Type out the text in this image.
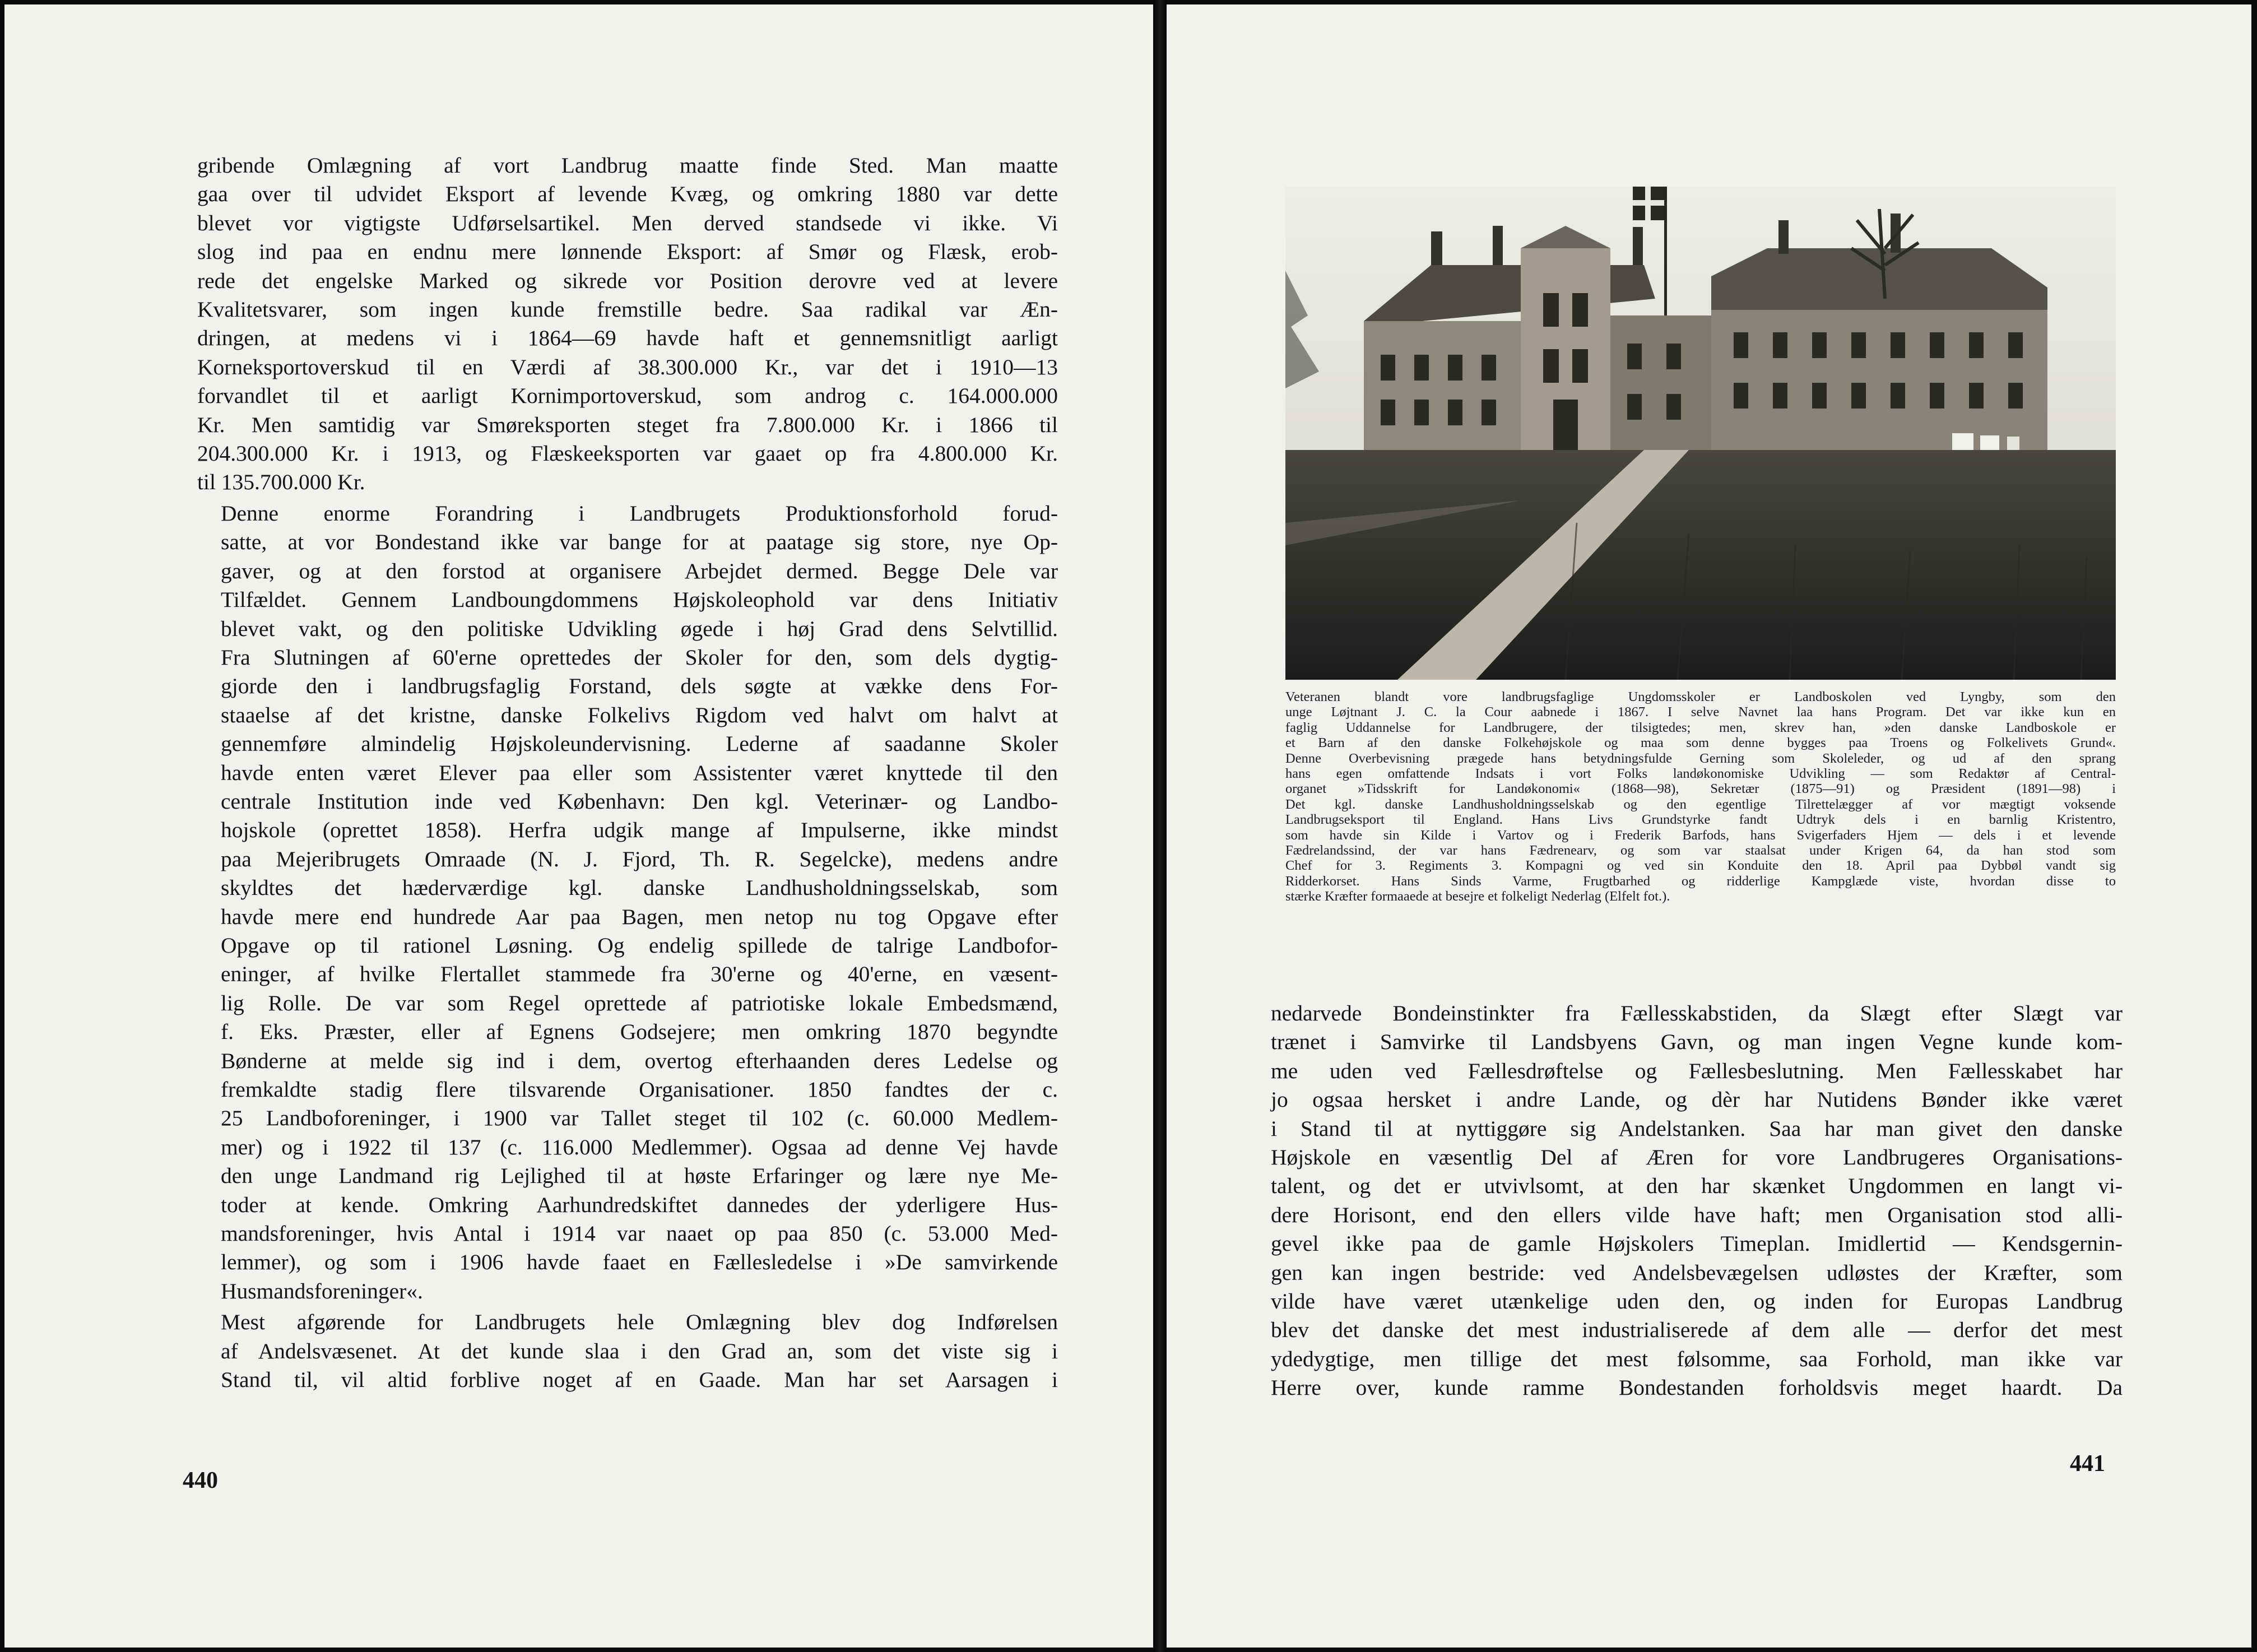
gribende Omlægning af vort Landbrug maatte finde Sted. Man maatte
gaa over til udvidet Eksport af levende Kvæg, og omkring 1880 var dette
blevet vor vigtigste Udførselsartikel. Men derved standsede vi ikke. Vi
slog ind paa en endnu mere lønnende Eksport: af Smør og Flæsk, erob-
rede det engelske Marked og sikrede vor Position derovre ved at levere
Kvalitetsvarer, som ingen kunde fremstille bedre. Saa radikal var Æn-
dringen, at medens vi i 1864—69 havde haft et gennemsnitligt aarligt
Korneksportoverskud til en Værdi af 38.300.000 Kr., var det i 1910—13
forvandlet til et aarligt Kornimportoverskud, som androg c. 164.000.000
Kr. Men samtidig var Smøreksporten steget fra 7.800.000 Kr. i 1866 til
204.300.000 Kr. i 1913, og Flæskeeksporten var gaaet op fra 4.800.000 Kr.
til 135.700.000 Kr.

Denne enorme Forandring i Landbrugets Produktionsforhold forud-
satte, at vor Bondestand ikke var bange for at paatage sig store, nye Op-
gaver, og at den forstod at organisere Arbejdet dermed. Begge Dele var
Tilfældet. Gennem Landboungdommens Højskoleophold var dens Initiativ
blevet vakt, og den politiske Udvikling øgede i høj Grad dens Selvtillid.
Fra Slutningen af 60'erne oprettedes der Skoler for den, som dels dygtig-
gjorde den i landbrugsfaglig Forstand, dels søgte at vække dens For-
staaelse af det kristne, danske Folkelivs Rigdom ved halvt om halvt at
gennemføre almindelig Højskoleundervisning. Lederne af saadanne Skoler
havde enten været Elever paa eller som Assistenter været knyttede til den
centrale Institution inde ved København: Den kgl. Veterinær- og Landbo-
hojskole (oprettet 1858). Herfra udgik mange af Impulserne, ikke mindst
paa Mejeribrugets Omraade (N. J. Fjord, Th. R. Segelcke), medens andre
skyldtes det hæderværdige kgl. danske Landhusholdningsselskab, som
havde mere end hundrede Aar paa Bagen, men netop nu tog Opgave efter
Opgave op til rationel Løsning. Og endelig spillede de talrige Landbofor-
eninger, af hvilke Flertallet stammede fra 30'erne og 40'erne, en væsent-
lig Rolle. De var som Regel oprettede af patriotiske lokale Embedsmænd,
f. Eks. Præster, eller af Egnens Godsejere; men omkring 1870 begyndte
Bønderne at melde sig ind i dem, overtog efterhaanden deres Ledelse og
fremkaldte stadig flere tilsvarende Organisationer. 1850 fandtes der c.
25 Landboforeninger, i 1900 var Tallet steget til 102 (c. 60.000 Medlem-
mer) og i 1922 til 137 (c. 116.000 Medlemmer). Ogsaa ad denne Vej havde
den unge Landmand rig Lejlighed til at høste Erfaringer og lære nye Me-
toder at kende. Omkring Aarhundredskiftet dannedes der yderligere Hus-
mandsforeninger, hvis Antal i 1914 var naaet op paa 850 (c. 53.000 Med-
lemmer), og som i 1906 havde faaet en Fællesledelse i »De samvirkende
Husmandsforeninger«.

Mest afgørende for Landbrugets hele Omlægning blev dog Indførelsen
af Andelsvæsenet. At det kunde slaa i den Grad an, som det viste sig i
Stand til, vil altid forblive noget af en Gaade. Man har set Aarsagen i

440

Veteranen blandt vore landbrugsfaglige Ungdomsskoler er Landboskolen ved Lyngby, som den
unge Løjtnant J. C. la Cour aabnede i 1867. I selve Navnet laa hans Program. Det var ikke kun en
faglig Uddannelse for Landbrugere, der tilsigtedes; men, skrev han, »den danske Landboskole er
et Barn af den danske Folkehøjskole og maa som denne bygges paa Troens og Folkelivets Grund«.
Denne Overbevisning prægede hans betydningsfulde Gerning som Skoleleder, og ud af den sprang
hans egen omfattende Indsats i vort Folks landøkonomiske Udvikling — som Redaktør af Central-
organet »Tidsskrift for Landøkonomi« (1868—98), Sekretær (1875—91) og Præsident (1891—98) i
Det kgl. danske Landhusholdningsselskab og den egentlige Tilrettelægger af vor mægtigt voksende
Landbrugseksport til England. Hans Livs Grundstyrke fandt Udtryk dels i en barnlig Kristentro,
som havde sin Kilde i Vartov og i Frederik Barfods, hans Svigerfaders Hjem — dels i et levende
Fædrelandssind, der var hans Fædrenearv, og som var staalsat under Krigen 64, da han stod som
Chef for 3. Regiments 3. Kompagni og ved sin Konduite den 18. April paa Dybbøl vandt sig
Ridderkorset. Hans Sinds Varme, Frugtbarhed og ridderlige Kampglæde viste, hvordan disse to
stærke Kræfter formaaede at besejre et folkeligt Nederlag (Elfelt fot.).

nedarvede Bondeinstinkter fra Fællesskabstiden, da Slægt efter Slægt var
trænet i Samvirke til Landsbyens Gavn, og man ingen Vegne kunde kom-
me uden ved Fællesdrøftelse og Fællesbeslutning. Men Fællesskabet har
jo ogsaa hersket i andre Lande, og dèr har Nutidens Bønder ikke været
i Stand til at nyttiggøre sig Andelstanken. Saa har man givet den danske
Højskole en væsentlig Del af Æren for vore Landbrugeres Organisations-
talent, og det er utvivlsomt, at den har skænket Ungdommen en langt vi-
dere Horisont, end den ellers vilde have haft; men Organisation stod alli-
gevel ikke paa de gamle Højskolers Timeplan. Imidlertid — Kendsgernin-
gen kan ingen bestride: ved Andelsbevægelsen udløstes der Kræfter, som
vilde have været utænkelige uden den, og inden for Europas Landbrug
blev det danske det mest industrialiserede af dem alle — derfor det mest
ydedygtige, men tillige det mest følsomme, saa Forhold, man ikke var
Herre over, kunde ramme Bondestanden forholdsvis meget haardt. Da

441
